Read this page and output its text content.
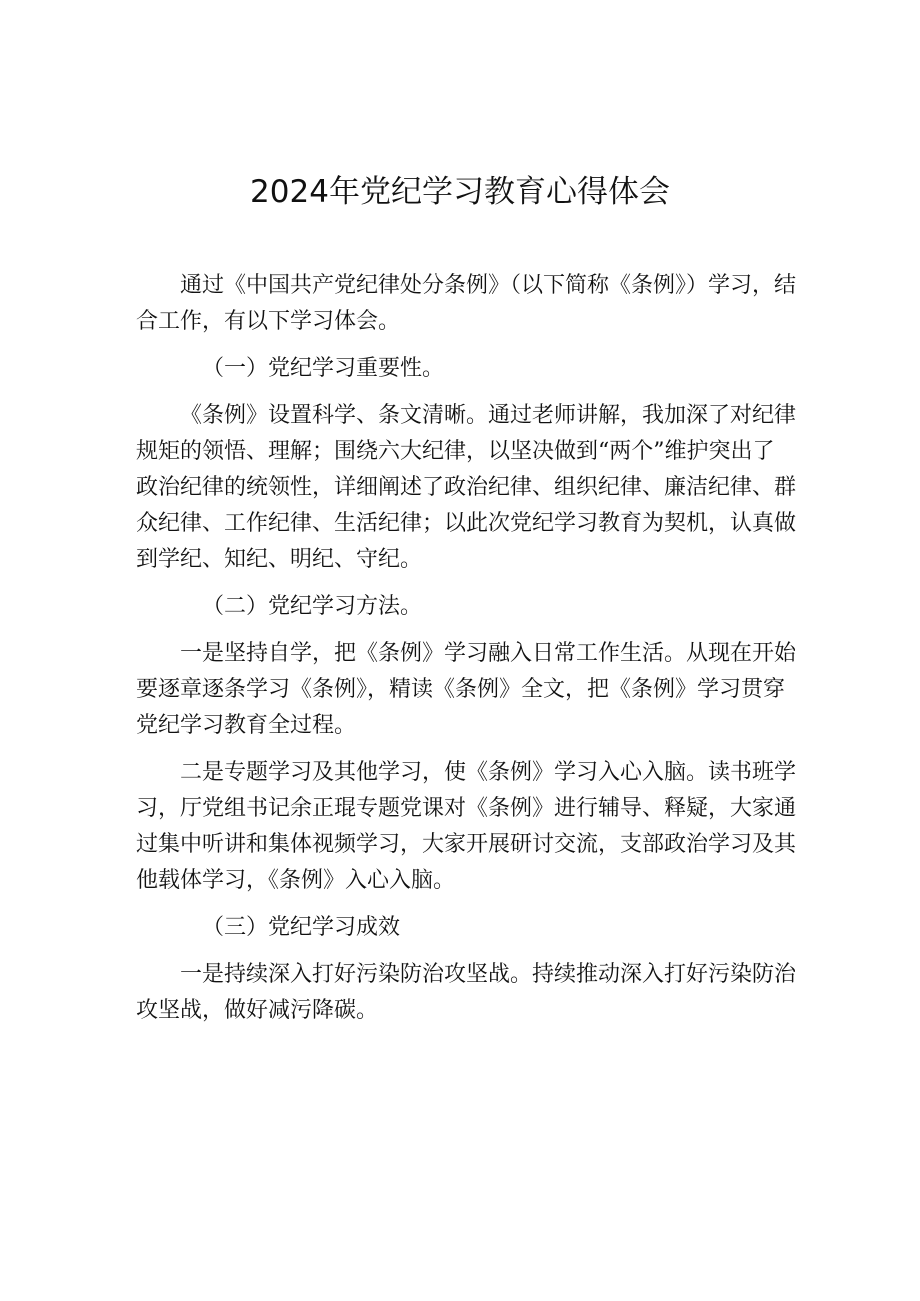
2024年党纪学习教育心得体会

通过《中国共产党纪律处分条例》（以下简称《条例》）学习，结合工作，有以下学习体会。

（一）党纪学习重要性。

《条例》设置科学、条文清晰。通过老师讲解，我加深了对纪律规矩的领悟、理解；围绕六大纪律，以坚决做到“两个”维护突出了政治纪律的统领性，详细阐述了政治纪律、组织纪律、廉洁纪律、群众纪律、工作纪律、生活纪律；以此次党纪学习教育为契机，认真做到学纪、知纪、明纪、守纪。

（二）党纪学习方法。

一是坚持自学，把《条例》学习融入日常工作生活。从现在开始要逐章逐条学习《条例》，精读《条例》全文，把《条例》学习贯穿党纪学习教育全过程。

二是专题学习及其他学习，使《条例》学习入心入脑。读书班学习，厅党组书记余正琨专题党课对《条例》进行辅导、释疑，大家通过集中听讲和集体视频学习，大家开展研讨交流，支部政治学习及其他载体学习，《条例》入心入脑。

（三）党纪学习成效

一是持续深入打好污染防治攻坚战。持续推动深入打好污染防治攻坚战，做好减污降碳。
